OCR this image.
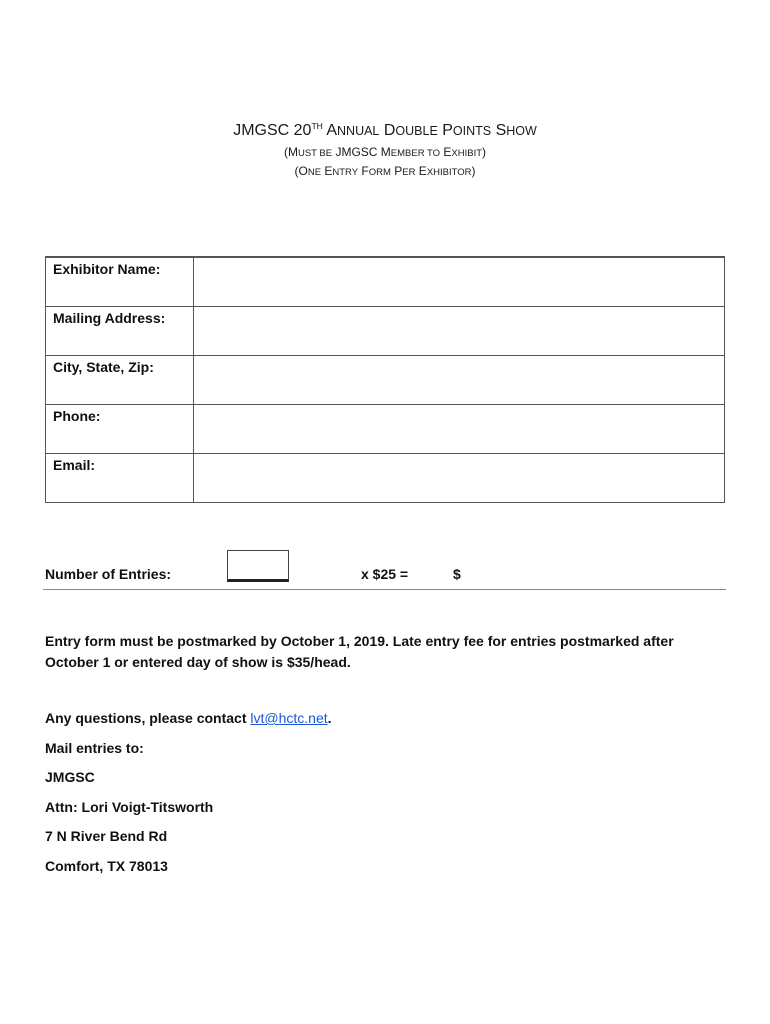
JMGSC 20TH ANNUAL DOUBLE POINTS SHOW
(MUST BE JMGSC MEMBER TO EXHIBIT)
(ONE ENTRY FORM PER EXHIBITOR)
Exhibitor Name:	
Mailing Address:	
City, State, Zip:	
Phone:	
Email:	
Number of Entries:	x $25 =	$
Entry form must be postmarked by October 1, 2019. Late entry fee for entries postmarked after October 1 or entered day of show is $35/head.
Any questions, please contact lvt@hctc.net.
Mail entries to:
JMGSC
Attn: Lori Voigt-Titsworth
7 N River Bend Rd
Comfort, TX 78013
